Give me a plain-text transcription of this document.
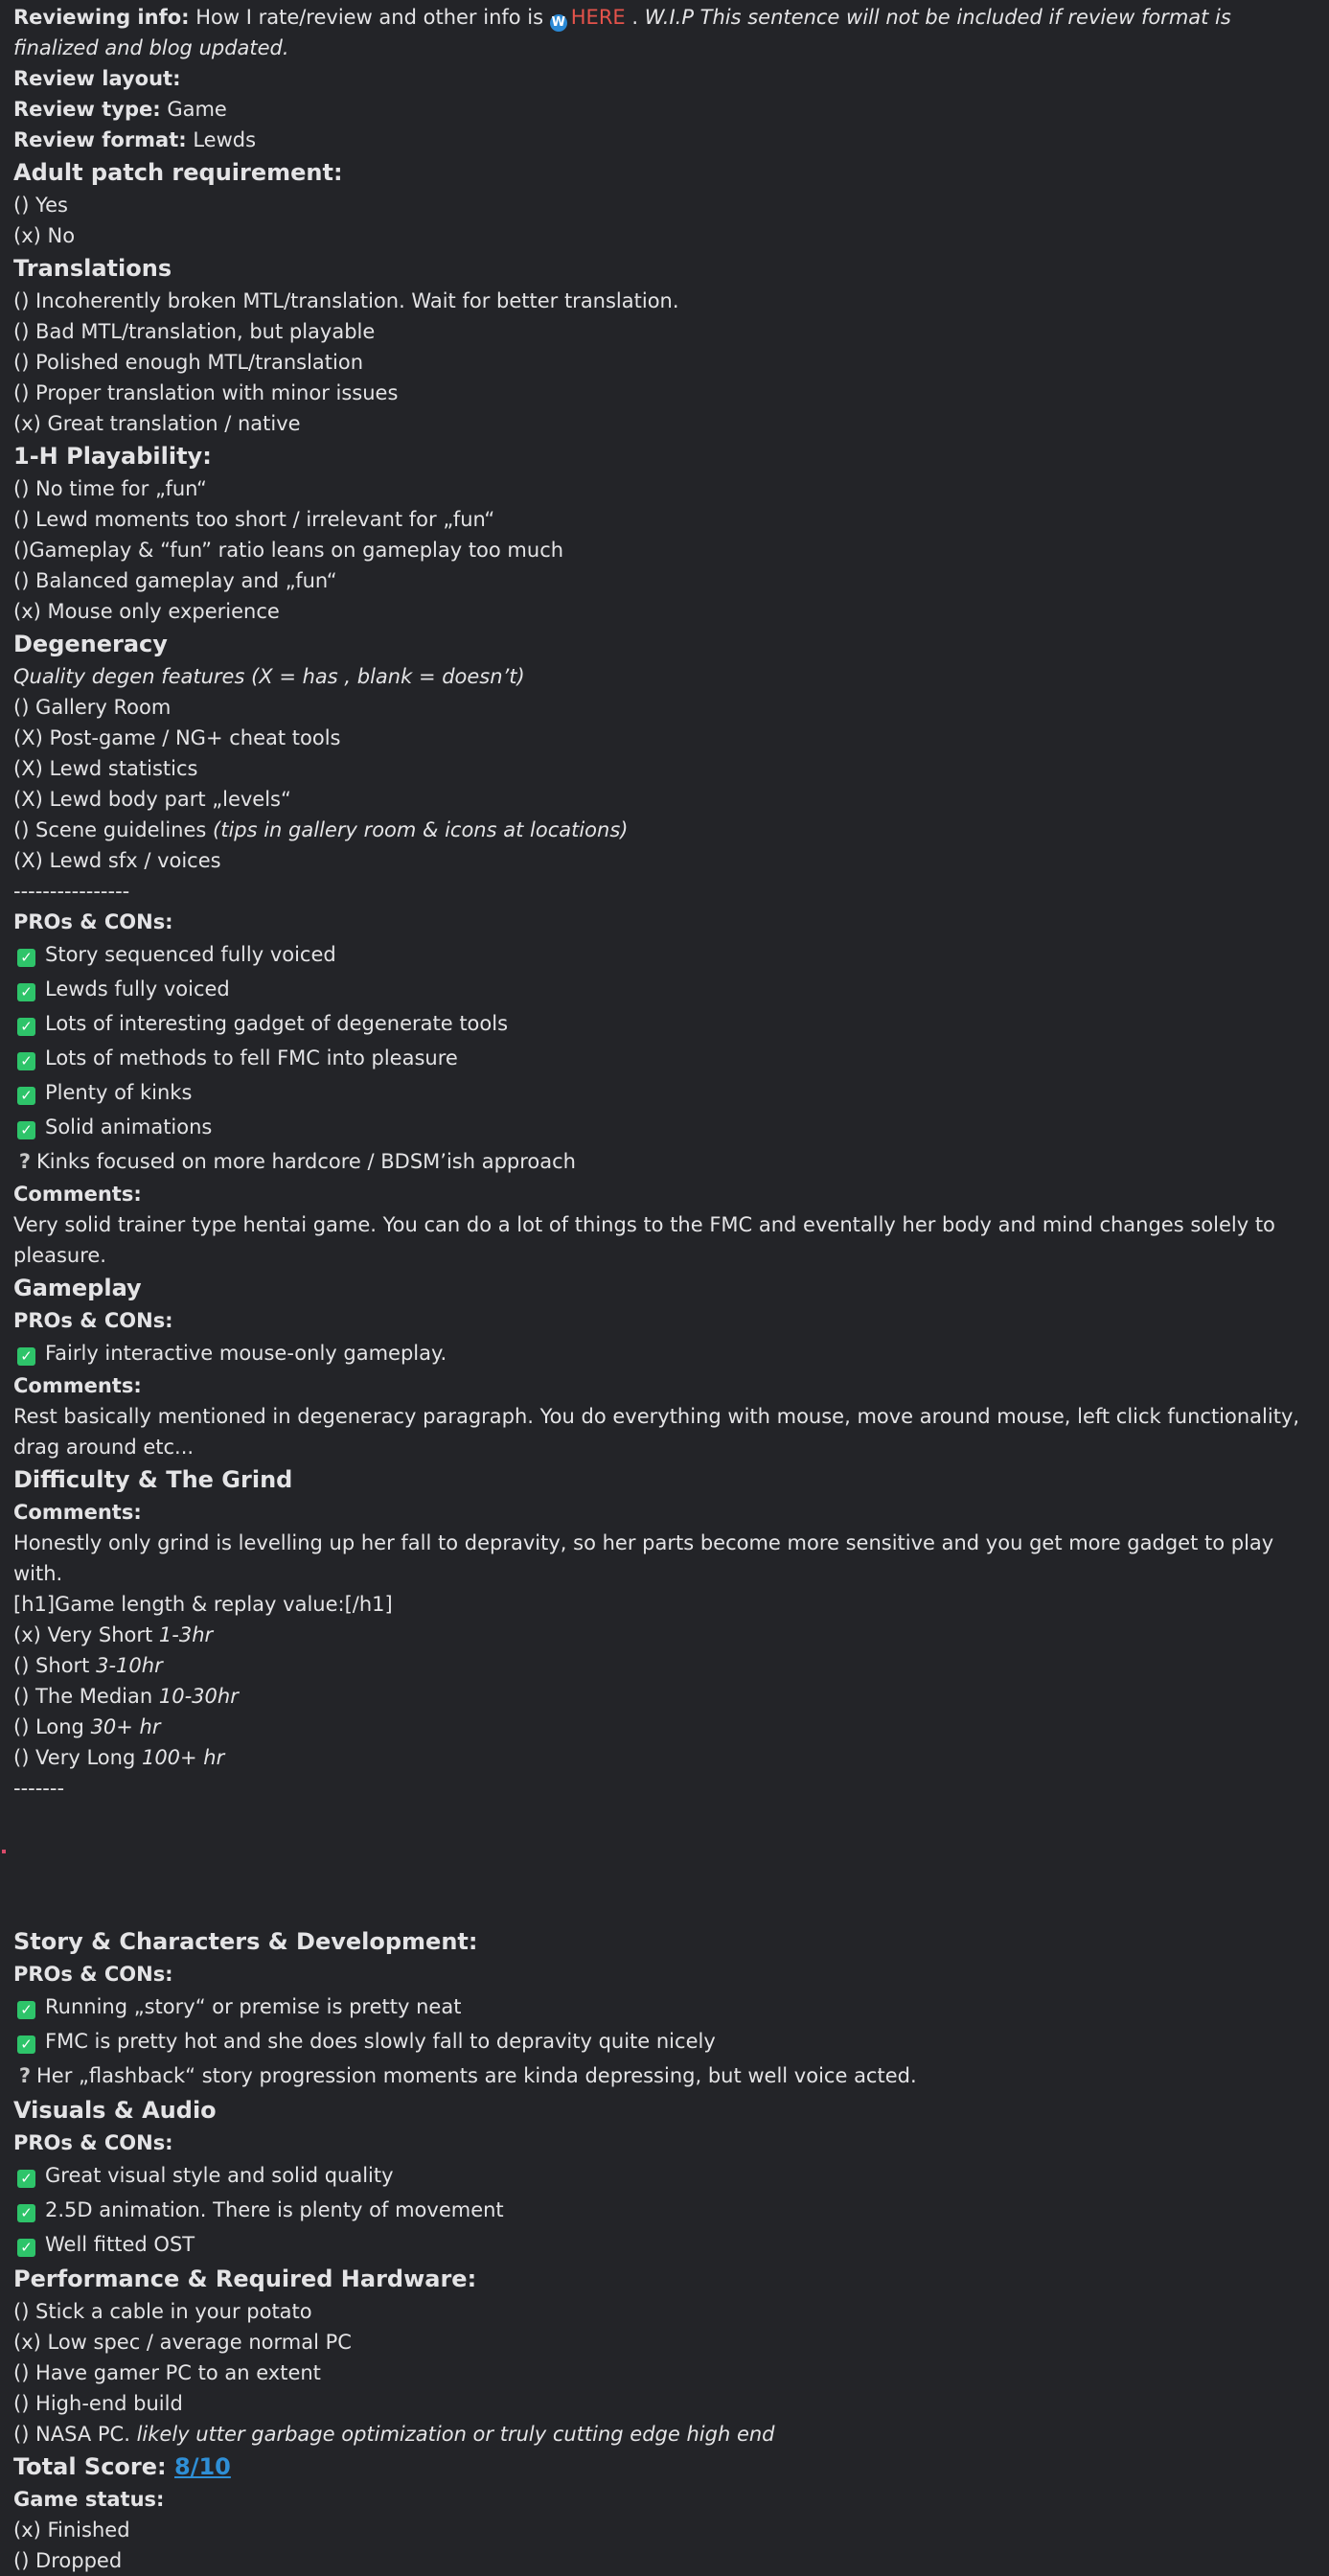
Reviewing info: How I rate/review and other info is W HERE . W.I.P This sentence will not be included if review format is finalized and blog updated.
Review layout:
Review type: Game
Review format: Lewds
Adult patch requirement:
() Yes
(x) No
Translations
() Incoherently broken MTL/translation. Wait for better translation.
() Bad MTL/translation, but playable
() Polished enough MTL/translation
() Proper translation with minor issues
(x) Great translation / native
1-H Playability:
() No time for „fun“
() Lewd moments too short / irrelevant for „fun“
()Gameplay & “fun” ratio leans on gameplay too much
() Balanced gameplay and „fun“
(x) Mouse only experience
Degeneracy
Quality degen features (X = has , blank = doesn’t)
() Gallery Room
(X) Post-game / NG+ cheat tools
(X) Lewd statistics
(X) Lewd body part „levels“
() Scene guidelines (tips in gallery room & icons at locations)
(X) Lewd sfx / voices
----------------
PROs & CONs:
✓ Story sequenced fully voiced
✓ Lewds fully voiced
✓ Lots of interesting gadget of degenerate tools
✓ Lots of methods to fell FMC into pleasure
✓ Plenty of kinks
✓ Solid animations
? Kinks focused on more hardcore / BDSM’ish approach
Comments:
Very solid trainer type hentai game. You can do a lot of things to the FMC and eventally her body and mind changes solely to pleasure.
Gameplay
PROs & CONs:
✓ Fairly interactive mouse-only gameplay.
Comments:
Rest basically mentioned in degeneracy paragraph. You do everything with mouse, move around mouse, left click functionality, drag around etc...
Difficulty & The Grind
Comments:
Honestly only grind is levelling up her fall to depravity, so her parts become more sensitive and you get more gadget to play with.
[h1]Game length & replay value:[/h1]
(x) Very Short 1-3hr
() Short 3-10hr
() The Median 10-30hr
() Long 30+ hr
() Very Long 100+ hr
-------
Story & Characters & Development:
PROs & CONs:
✓ Running „story“ or premise is pretty neat
✓ FMC is pretty hot and she does slowly fall to depravity quite nicely
? Her „flashback“ story progression moments are kinda depressing, but well voice acted.
Visuals & Audio
PROs & CONs:
✓ Great visual style and solid quality
✓ 2.5D animation. There is plenty of movement
✓ Well fitted OST
Performance & Required Hardware:
() Stick a cable in your potato
(x) Low spec / average normal PC
() Have gamer PC to an extent
() High-end build
() NASA PC. likely utter garbage optimization or truly cutting edge high end
Total Score: 8/10
Game status:
(x) Finished
() Dropped
